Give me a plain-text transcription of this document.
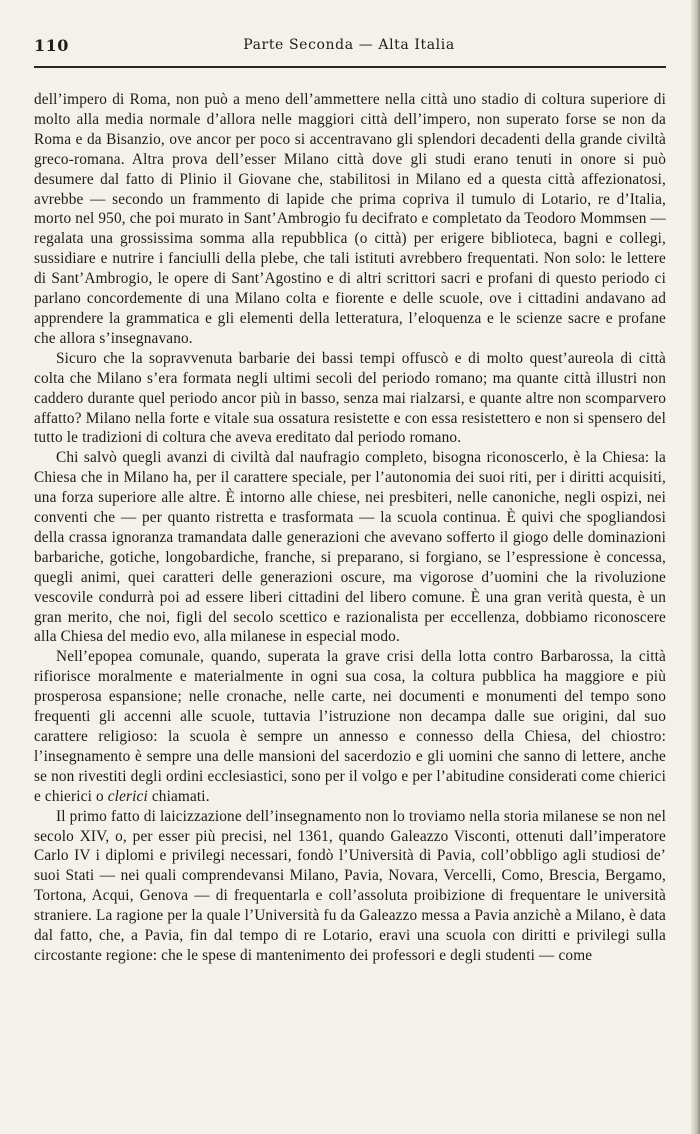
110	Parte Seconda — Alta Italia

dell’impero di Roma, non può a meno dell’ammettere nella città uno stadio di coltura superiore di molto alla media normale d’allora nelle maggiori città dell’impero, non superato forse se non da Roma e da Bisanzio, ove ancor per poco si accentravano gli splendori decadenti della grande civiltà greco-romana. Altra prova dell’esser Milano città dove gli studi erano tenuti in onore si può desumere dal fatto di Plinio il Giovane che, stabilitosi in Milano ed a questa città affezionatosi, avrebbe — secondo un frammento di lapide che prima copriva il tumulo di Lotario, re d’Italia, morto nel 950, che poi murato in Sant’Ambrogio fu decifrato e completato da Teodoro Mommsen — regalata una grossissima somma alla repubblica (o città) per erigere biblioteca, bagni e collegi, sussidiare e nutrire i fanciulli della plebe, che tali istituti avrebbero frequentati. Non solo: le lettere di Sant’Ambrogio, le opere di Sant’Agostino e di altri scrittori sacri e profani di questo periodo ci parlano concordemente di una Milano colta e fiorente e delle scuole, ove i cittadini andavano ad apprendere la grammatica e gli elementi della letteratura, l’eloquenza e le scienze sacre e profane che allora s’insegnavano.

Sicuro che la sopravvenuta barbarie dei bassi tempi offuscò e di molto quest’aureola di città colta che Milano s’era formata negli ultimi secoli del periodo romano; ma quante città illustri non caddero durante quel periodo ancor più in basso, senza mai rialzarsi, e quante altre non scomparvero affatto? Milano nella forte e vitale sua ossatura resistette e con essa resistettero e non si spensero del tutto le tradizioni di coltura che aveva ereditato dal periodo romano.

Chi salvò quegli avanzi di civiltà dal naufragio completo, bisogna riconoscerlo, è la Chiesa: la Chiesa che in Milano ha, per il carattere speciale, per l’autonomia dei suoi riti, per i diritti acquisiti, una forza superiore alle altre. È intorno alle chiese, nei presbiteri, nelle canoniche, negli ospizi, nei conventi che — per quanto ristretta e trasformata — la scuola continua. È quivi che spogliandosi della crassa ignoranza tramandata dalle generazioni che avevano sofferto il giogo delle dominazioni barbariche, gotiche, longobardiche, franche, si preparano, si forgiano, se l’espressione è concessa, quegli animi, quei caratteri delle generazioni oscure, ma vigorose d’uomini che la rivoluzione vescovile condurrà poi ad essere liberi cittadini del libero comune. È una gran verità questa, è un gran merito, che noi, figli del secolo scettico e razionalista per eccellenza, dobbiamo riconoscere alla Chiesa del medio evo, alla milanese in especial modo.

Nell’epopea comunale, quando, superata la grave crisi della lotta contro Barbarossa, la città rifiorisce moralmente e materialmente in ogni sua cosa, la coltura pubblica ha maggiore e più prosperosa espansione; nelle cronache, nelle carte, nei documenti e monumenti del tempo sono frequenti gli accenni alle scuole, tuttavia l’istruzione non decampa dalle sue origini, dal suo carattere religioso: la scuola è sempre un annesso e connesso della Chiesa, del chiostro: l’insegnamento è sempre una delle mansioni del sacerdozio e gli uomini che sanno di lettere, anche se non rivestiti degli ordini ecclesiastici, sono per il volgo e per l’abitudine considerati come chierici e chierici o clerici chiamati.

Il primo fatto di laicizzazione dell’insegnamento non lo troviamo nella storia milanese se non nel secolo XIV, o, per esser più precisi, nel 1361, quando Galeazzo Visconti, ottenuti dall’imperatore Carlo IV i diplomi e privilegi necessari, fondò l’Università di Pavia, coll’obbligo agli studiosi de’ suoi Stati — nei quali comprendevansi Milano, Pavia, Novara, Vercelli, Como, Brescia, Bergamo, Tortona, Acqui, Genova — di frequentarla e coll’assoluta proibizione di frequentare le università straniere. La ragione per la quale l’Università fu da Galeazzo messa a Pavia anzichè a Milano, è data dal fatto, che, a Pavia, fin dal tempo di re Lotario, eravi una scuola con diritti e privilegi sulla circostante regione: che le spese di mantenimento dei professori e degli studenti — come
